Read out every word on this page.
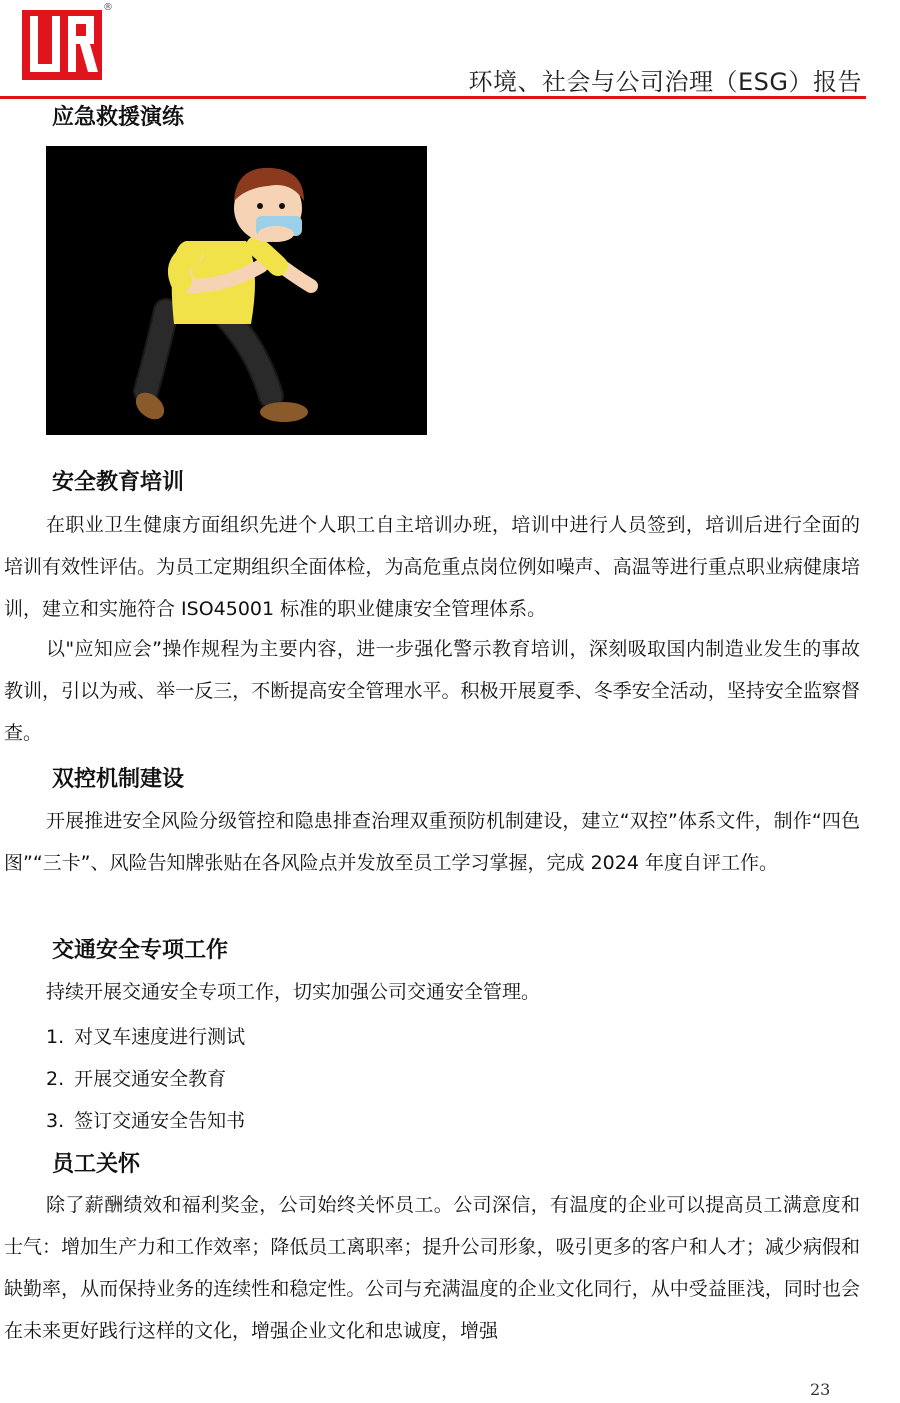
®
环境、社会与公司治理（ESG）报告
应急救援演练
安全教育培训

在职业卫生健康方面组织先进个人职工自主培训办班，培训中进行人员签到，培训后进行全面的培训有效性评估。为员工定期组织全面体检，为高危重点岗位例如噪声、高温等进行重点职业病健康培训，建立和实施符合 ISO45001 标准的职业健康安全管理体系。

以"应知应会”操作规程为主要内容，进一步强化警示教育培训，深刻吸取国内制造业发生的事故教训，引以为戒、举一反三，不断提高安全管理水平。积极开展夏季、冬季安全活动，坚持安全监察督查。

双控机制建设

开展推进安全风险分级管控和隐患排查治理双重预防机制建设，建立“双控”体系文件，制作“四色图”“三卡”、风险告知牌张贴在各风险点并发放至员工学习掌握，完成 2024 年度自评工作。

交通安全专项工作

持续开展交通安全专项工作，切实加强公司交通安全管理。

1. 对叉车速度进行测试
2. 开展交通安全教育
3. 签订交通安全告知书
员工关怀

除了薪酬绩效和福利奖金，公司始终关怀员工。公司深信，有温度的企业可以提高员工满意度和士气：增加生产力和工作效率；降低员工离职率；提升公司形象，吸引更多的客户和人才；减少病假和缺勤率，从而保持业务的连续性和稳定性。公司与充满温度的企业文化同行，从中受益匪浅，同时也会在未来更好践行这样的文化，增强企业文化和忠诚度，增强

23
